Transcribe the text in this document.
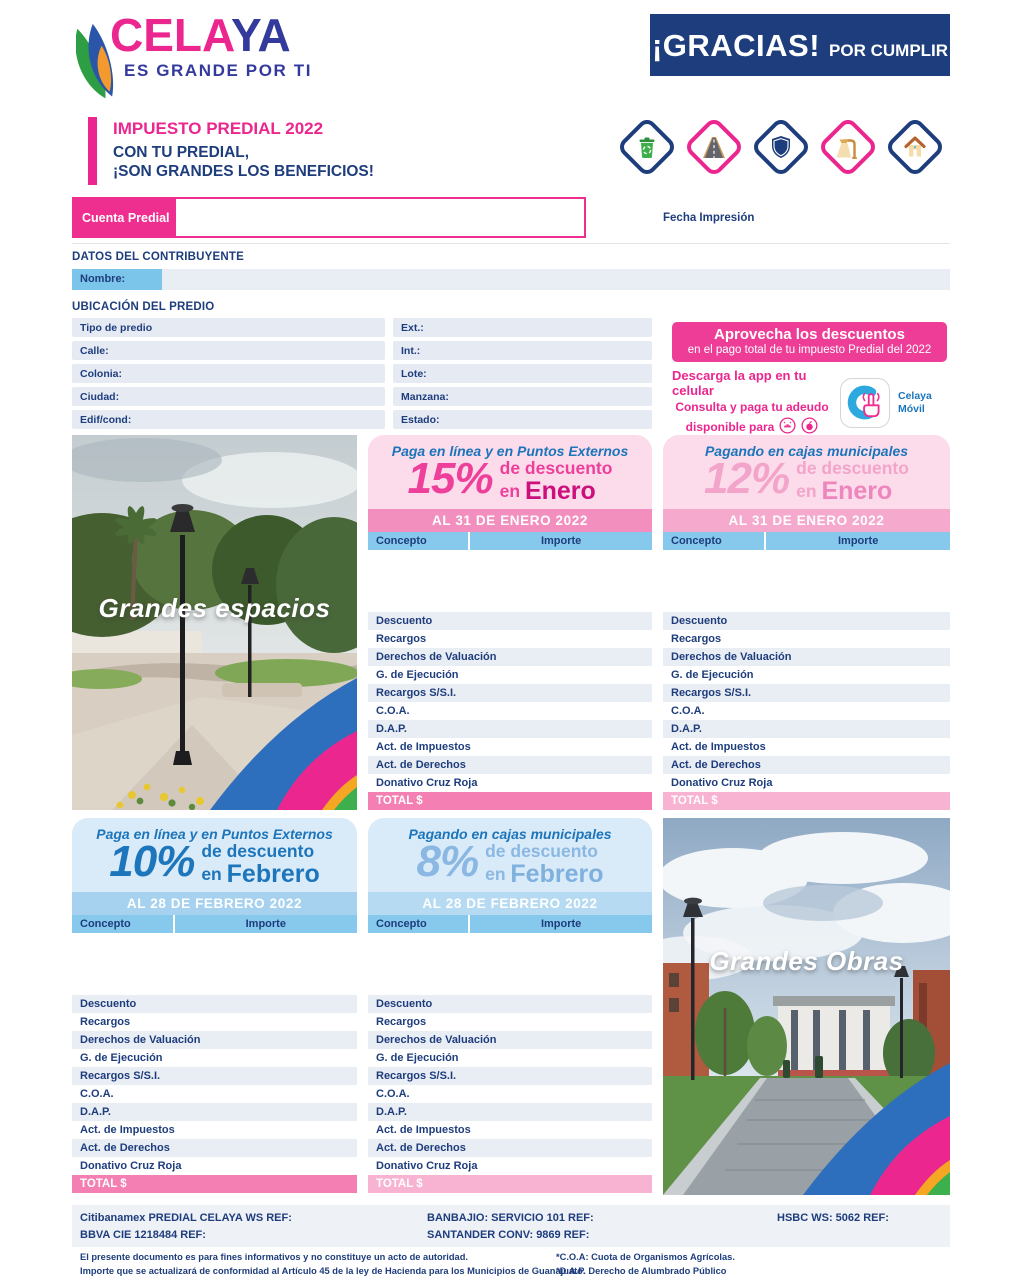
CELAYA
ES GRANDE POR TI
¡GRACIAS! POR CUMPLIR
IMPUESTO PREDIAL 2022
CON TU PREDIAL,
¡SON GRANDES LOS BENEFICIOS!
Cuenta Predial	Fecha Impresión
DATOS DEL CONTRIBUYENTE
Nombre:
UBICACIÓN DEL PREDIO
Tipo de predio
Calle:
Colonia:
Ciudad:
Edif/cond:
Ext.:
Int.:
Lote:
Manzana:
Estado:
Aprovecha los descuentos
en el pago total de tu impuesto Predial del 2022
Descarga la app en tu celular
Consulta y paga tu adeudo
disponible para
Celaya
Móvil
Grandes espacios
Paga en línea y en Puntos Externos
15% de descuento
en Enero
AL 31 DE ENERO 2022
Concepto	Importe
Descuento
Recargos
Derechos de Valuación
G. de Ejecución
Recargos S/S.I.
C.O.A.
D.A.P.
Act. de Impuestos
Act. de Derechos
Donativo Cruz Roja
TOTAL $
Pagando en cajas municipales
12% de descuento
en Enero
AL 31 DE ENERO 2022
Concepto	Importe
Descuento
Recargos
Derechos de Valuación
G. de Ejecución
Recargos S/S.I.
C.O.A.
D.A.P.
Act. de Impuestos
Act. de Derechos
Donativo Cruz Roja
TOTAL $
Paga en línea y en Puntos Externos
10% de descuento
en Febrero
AL 28 DE FEBRERO 2022
Concepto	Importe
Descuento
Recargos
Derechos de Valuación
G. de Ejecución
Recargos S/S.I.
C.O.A.
D.A.P.
Act. de Impuestos
Act. de Derechos
Donativo Cruz Roja
TOTAL $
Pagando en cajas municipales
8% de descuento
en Febrero
AL 28 DE FEBRERO 2022
Concepto	Importe
Descuento
Recargos
Derechos de Valuación
G. de Ejecución
Recargos S/S.I.
C.O.A.
D.A.P.
Act. de Impuestos
Act. de Derechos
Donativo Cruz Roja
TOTAL $
Grandes Obras
Citibanamex PREDIAL CELAYA WS REF:
BBVA CIE 1218484 REF:
BANBAJIO: SERVICIO 101 REF:
SANTANDER CONV: 9869 REF:
HSBC WS: 5062 REF:
El presente documento es para fines informativos y no constituye un acto de autoridad.
Importe que se actualizará de conformidad al Artículo 45 de la ley de Hacienda para los Municipios de Guanajuato.
*C.O.A: Cuota de Organismos Agrícolas.
*D.A.P. Derecho de Alumbrado Público
